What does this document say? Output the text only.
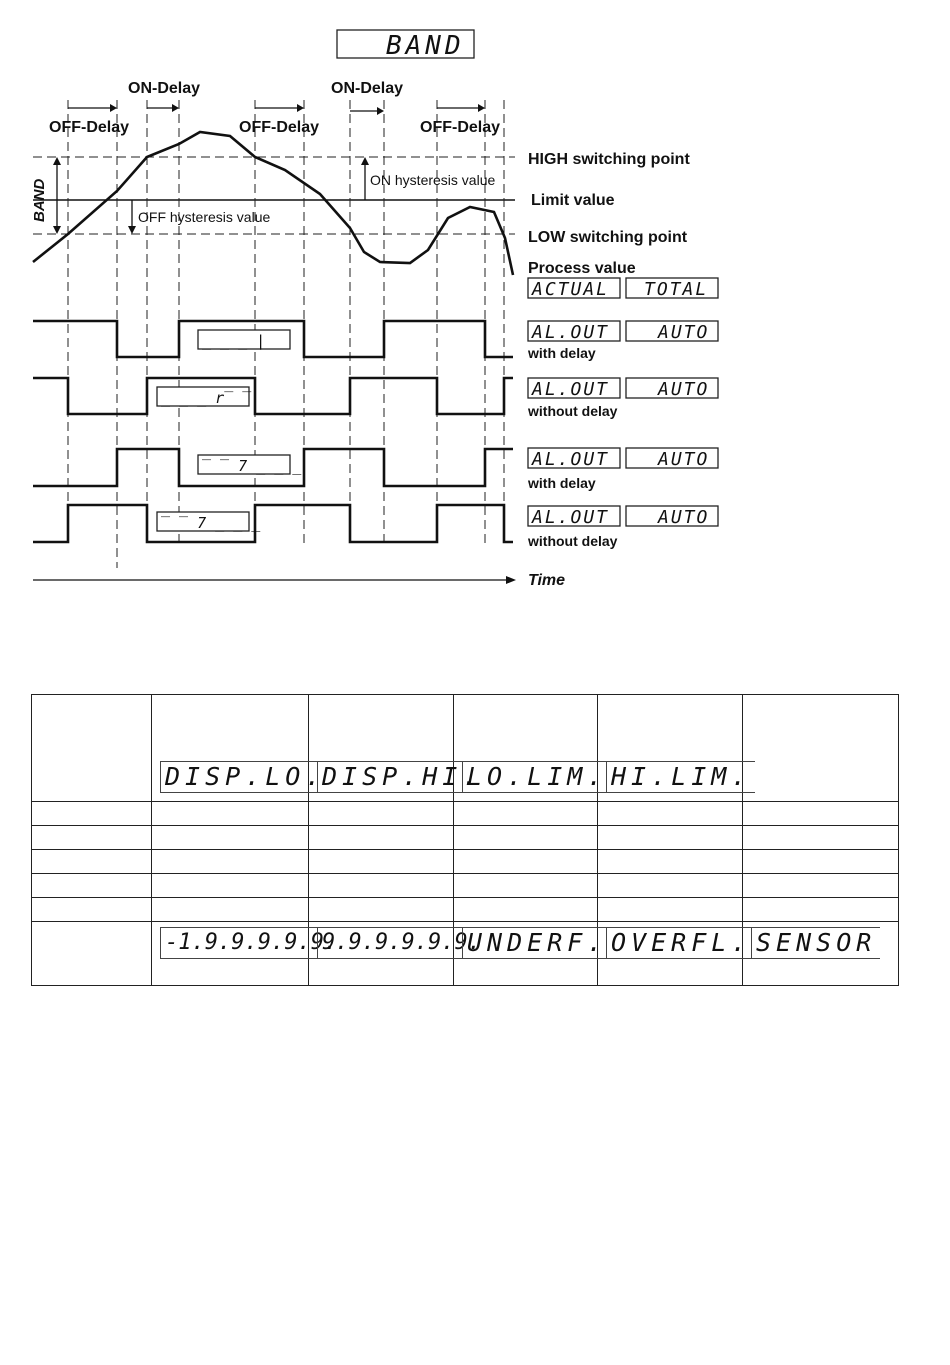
BAND
ON-Delay	ON-Delay
OFF-Delay	OFF-Delay	OFF-Delay
BAND	ON hysteresis value
OFF hysteresis value
HIGH switching point
Limit value
LOW switching point
Process value
ACTUAL TOTAL
_ _ _ |
_ _ _ r‾ ‾
‾ ‾ 7 _ _ _
‾ ‾ 7 _ _ _
AL.OUT	AUTO
with delay
AL.OUT	AUTO
without delay
AL.OUT	AUTO
with delay
AL.OUT	AUTO
without delay
Time
	DISP.LO.	DISP.HI.	LO.LIM.	HI.LIM.	

	-1.9.9.9.9.9.	9.9.9.9.9.9.	UNDERF.	OVERFL.	SENSOR
